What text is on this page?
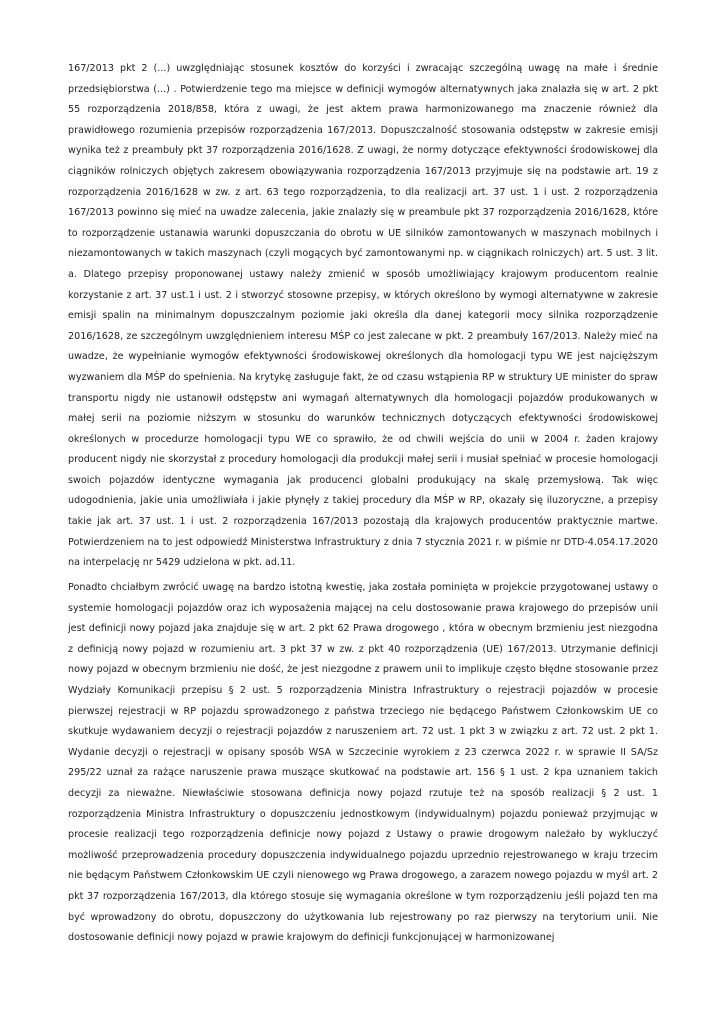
167/2013 pkt 2 (...) uwzględniając stosunek kosztów do korzyści i zwracając szczególną uwagę na małe i średnie przedsiębiorstwa (...) . Potwierdzenie tego ma miejsce w definicji wymogów alternatywnych jaka znalazła się w art. 2 pkt 55 rozporządzenia 2018/858, która z uwagi, że jest aktem prawa harmonizowanego ma znaczenie również dla prawidłowego rozumienia przepisów rozporządzenia 167/2013. Dopuszczalność stosowania odstępstw w zakresie emisji wynika też z preambuły pkt 37 rozporządzenia 2016/1628. Z uwagi, że normy dotyczące efektywności środowiskowej dla ciągników rolniczych objętych zakresem obowiązywania rozporządzenia 167/2013 przyjmuje się na podstawie art. 19 z rozporządzenia 2016/1628 w zw. z art. 63 tego rozporządzenia, to dla realizacji art. 37 ust. 1 i ust. 2 rozporządzenia 167/2013 powinno się mieć na uwadze zalecenia, jakie znalazły się w preambule pkt 37 rozporządzenia 2016/1628, które to rozporządzenie ustanawia warunki dopuszczania do obrotu w UE silników zamontowanych w maszynach mobilnych i niezamontowanych w takich maszynach (czyli mogących być zamontowanymi np. w ciągnikach rolniczych) art. 5 ust. 3 lit. a. Dlatego przepisy proponowanej ustawy należy zmienić w sposób umożliwiający krajowym producentom realnie korzystanie z art. 37 ust.1 i ust. 2 i stworzyć stosowne przepisy, w których określono by wymogi alternatywne w zakresie emisji spalin na minimalnym dopuszczalnym poziomie jaki określa dla danej kategorii mocy silnika rozporządzenie 2016/1628, ze szczególnym uwzględnieniem interesu MŚP co jest zalecane w pkt. 2 preambuły 167/2013. Należy mieć na uwadze, że wypełnianie wymogów efektywności środowiskowej określonych dla homologacji typu WE jest najcięższym wyzwaniem dla MŚP do spełnienia. Na krytykę zasługuje fakt, że od czasu wstąpienia RP w struktury UE minister do spraw transportu nigdy nie ustanowił odstępstw ani wymagań alternatywnych dla homologacji pojazdów produkowanych w małej serii na poziomie niższym w stosunku do warunków technicznych dotyczących efektywności środowiskowej określonych w procedurze homologacji typu WE co sprawiło, że od chwili wejścia do unii w 2004 r. żaden krajowy producent nigdy nie skorzystał z procedury homologacji dla produkcji małej serii i musiał spełniać w procesie homologacji swoich pojazdów identyczne wymagania jak producenci globalni produkujący na skalę przemysłową. Tak więc udogodnienia, jakie unia umożliwiała i jakie płynęły z takiej procedury dla MŚP w RP, okazały się iluzoryczne, a przepisy takie jak art. 37 ust. 1 i ust. 2 rozporządzenia 167/2013 pozostają dla krajowych producentów praktycznie martwe. Potwierdzeniem na to jest odpowiedź Ministerstwa Infrastruktury z dnia 7 stycznia 2021 r. w piśmie nr DTD-4.054.17.2020 na interpelację nr 5429 udzielona w pkt. ad.11.

Ponadto chciałbym zwrócić uwagę na bardzo istotną kwestię, jaka została pominięta w projekcie przygotowanej ustawy o systemie homologacji pojazdów oraz ich wyposażenia mającej na celu dostosowanie prawa krajowego do przepisów unii jest definicji nowy pojazd jaka znajduje się w art. 2 pkt 62 Prawa drogowego , która w obecnym brzmieniu jest niezgodna z definicją nowy pojazd w rozumieniu art. 3 pkt 37 w zw. z pkt 40 rozporządzenia (UE) 167/2013. Utrzymanie definicji nowy pojazd w obecnym brzmieniu nie dość, że jest niezgodne z prawem unii to implikuje często błędne stosowanie przez Wydziały Komunikacji przepisu § 2 ust. 5 rozporządzenia Ministra Infrastruktury o rejestracji pojazdów w procesie pierwszej rejestracji w RP pojazdu sprowadzonego z państwa trzeciego nie będącego Państwem Członkowskim UE co skutkuje wydawaniem decyzji o rejestracji pojazdów z naruszeniem art. 72 ust. 1 pkt 3 w związku z art. 72 ust. 2 pkt 1. Wydanie decyzji o rejestracji w opisany sposób WSA w Szczecinie wyrokiem z 23 czerwca 2022 r. w sprawie II SA/Sz 295/22 uznał za rażące naruszenie prawa muszące skutkować na podstawie art. 156 § 1 ust. 2 kpa uznaniem takich decyzji za nieważne. Niewłaściwie stosowana definicja nowy pojazd rzutuje też na sposób realizacji § 2 ust. 1 rozporządzenia Ministra Infrastruktury o dopuszczeniu jednostkowym (indywidualnym) pojazdu ponieważ przyjmując w procesie realizacji tego rozporządzenia definicje nowy pojazd z Ustawy o prawie drogowym należało by wykluczyć możliwość przeprowadzenia procedury dopuszczenia indywidualnego pojazdu uprzednio rejestrowanego w kraju trzecim nie będącym Państwem Członkowskim UE czyli nienowego wg Prawa drogowego, a zarazem nowego pojazdu w myśl art. 2 pkt 37 rozporządzenia 167/2013, dla którego stosuje się wymagania określone w tym rozporządzeniu jeśli pojazd ten ma być wprowadzony do obrotu, dopuszczony do użytkowania lub rejestrowany po raz pierwszy na terytorium unii. Nie dostosowanie definicji nowy pojazd w prawie krajowym do definicji funkcjonującej w harmonizowanej
